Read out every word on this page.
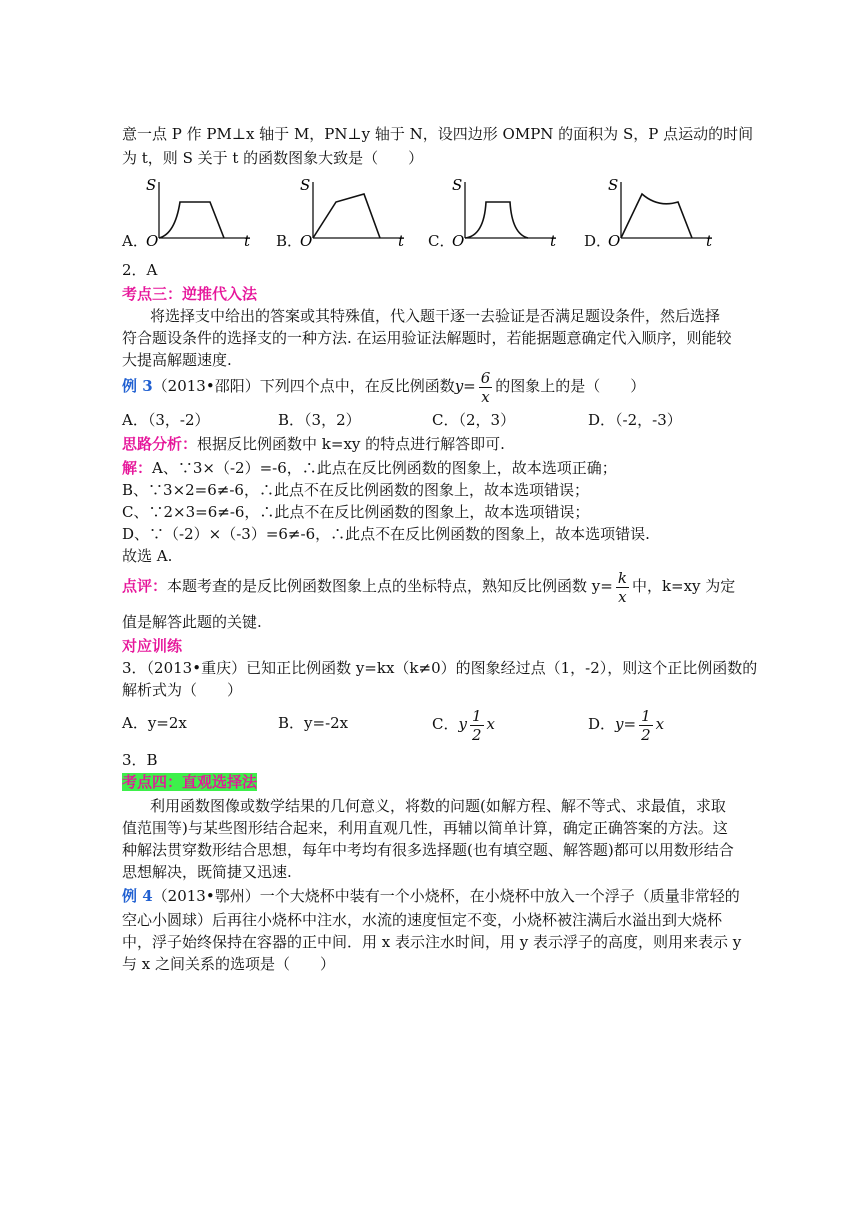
意一点 P 作 PM⊥x 轴于 M，PN⊥y 轴于 N，设四边形 OMPN 的面积为 S，P 点运动的时间
为 t，则 S 关于 t 的函数图象大致是（　　）
A．
S
O	t B．
S
O	t C．
S
O	t D．
S
O	t
2．A
考点三：逆推代入法
将选择支中给出的答案或其特殊值，代入题干逐一去验证是否满足题设条件，然后选择
符合题设条件的选择支的一种方法. 在运用验证法解题时，若能据题意确定代入顺序，则能较
大提高解题速度.
例 3（2013•邵阳）下列四个点中，在反比例函数$y= \frac{6}{x}$ 的图象上的是（　　）
A．（3，-2）	B．（3，2）	C．（2，3）	D．（-2，-3）
思路分析：根据反比例函数中 k=xy 的特点进行解答即可.
解：A、∵3×（-2）=-6，∴此点在反比例函数的图象上，故本选项正确；
B、∵3×2=6≠-6，∴此点不在反比例函数的图象上，故本选项错误；
C、∵2×3=6≠-6，∴此点不在反比例函数的图象上，故本选项错误；
D、∵（-2）×（-3）=6≠-6，∴此点不在反比例函数的图象上，故本选项错误.
故选 A.
点评：本题考查的是反比例函数图象上点的坐标特点，熟知反比例函数 $y= \frac{k}{x}$ 中，k=xy 为定
值是解答此题的关键.
对应训练
3．（2013•重庆）已知正比例函数 y=kx（k≠0）的图象经过点（1，-2），则这个正比例函数的
解析式为（　　）
A．y=2x	B．y=-2x	C．y $\frac{1}{2}$ x	D．$y= \frac{1}{2}$ x
3．B
考点四：直观选择法
利用函数图像或数学结果的几何意义，将数的问题(如解方程、解不等式、求最值，求取
值范围等)与某些图形结合起来，利用直观几性，再辅以简单计算，确定正确答案的方法。这
种解法贯穿数形结合思想，每年中考均有很多选择题(也有填空题、解答题)都可以用数形结合
思想解决，既简捷又迅速.
例 4（2013•鄂州）一个大烧杯中装有一个小烧杯，在小烧杯中放入一个浮子（质量非常轻的
空心小圆球）后再往小烧杯中注水，水流的速度恒定不变，小烧杯被注满后水溢出到大烧杯
中，浮子始终保持在容器的正中间．用 x 表示注水时间，用 y 表示浮子的高度，则用来表示 y
与 x 之间关系的选项是（　　）
